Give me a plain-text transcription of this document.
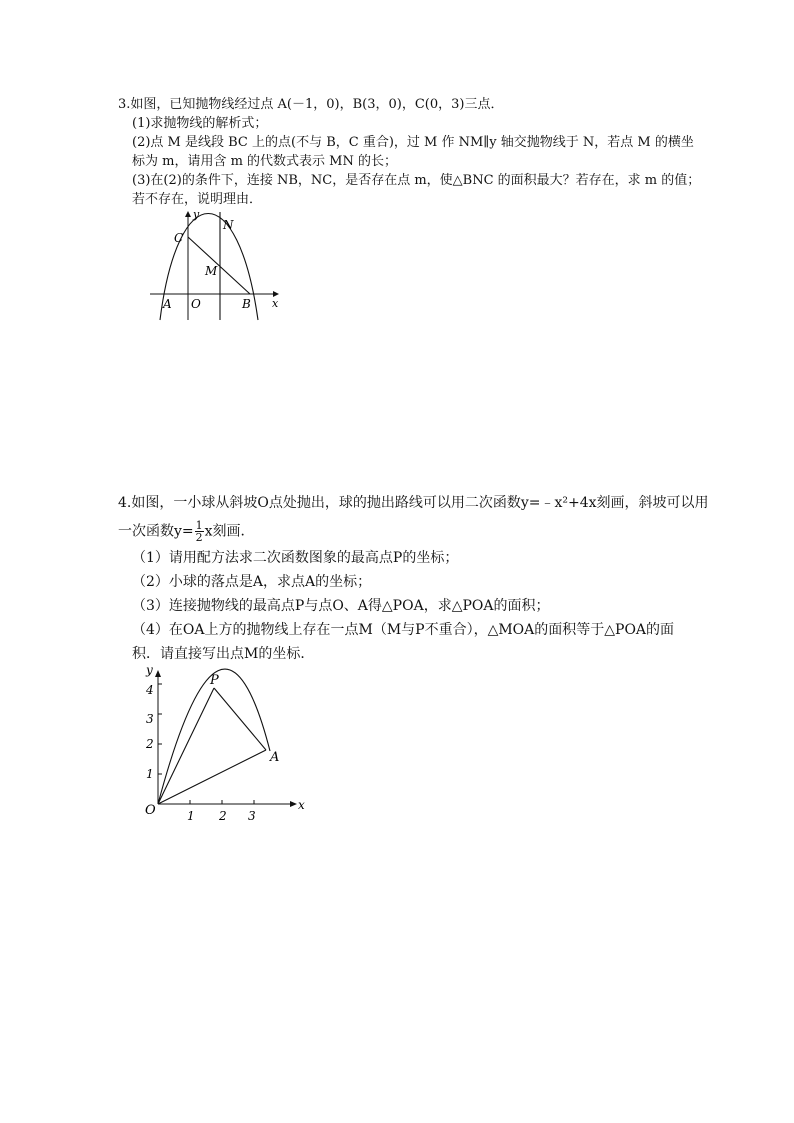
3.如图，已知抛物线经过点 A(－1，0)，B(3，0)，C(0，3)三点．

(1)求抛物线的解析式；

(2)点 M 是线段 BC 上的点(不与 B，C 重合)，过 M 作 NM∥y 轴交抛物线于 N，若点 M 的横坐

标为 m，请用含 m 的代数式表示 MN 的长；

(3)在(2)的条件下，连接 NB，NC，是否存在点 m，使△BNC 的面积最大？若存在，求 m 的值；

若不存在，说明理由．

y
x
C
N
M
A O	B

4.如图，一小球从斜坡O点处抛出，球的抛出路线可以用二次函数y=﹣x²+4x刻画，斜坡可以用

一次函数$y= \frac{1}{2}$ x刻画．

（1）请用配方法求二次函数图象的最高点P的坐标；

（2）小球的落点是A，求点A的坐标；

（3）连接抛物线的最高点P与点O、A得△POA，求△POA的面积；

（4）在OA上方的抛物线上存在一点M（M与P不重合），△MOA的面积等于△POA的面

积．请直接写出点M的坐标．

1
2
3
4
1 2 3
y
x
O
P
A
